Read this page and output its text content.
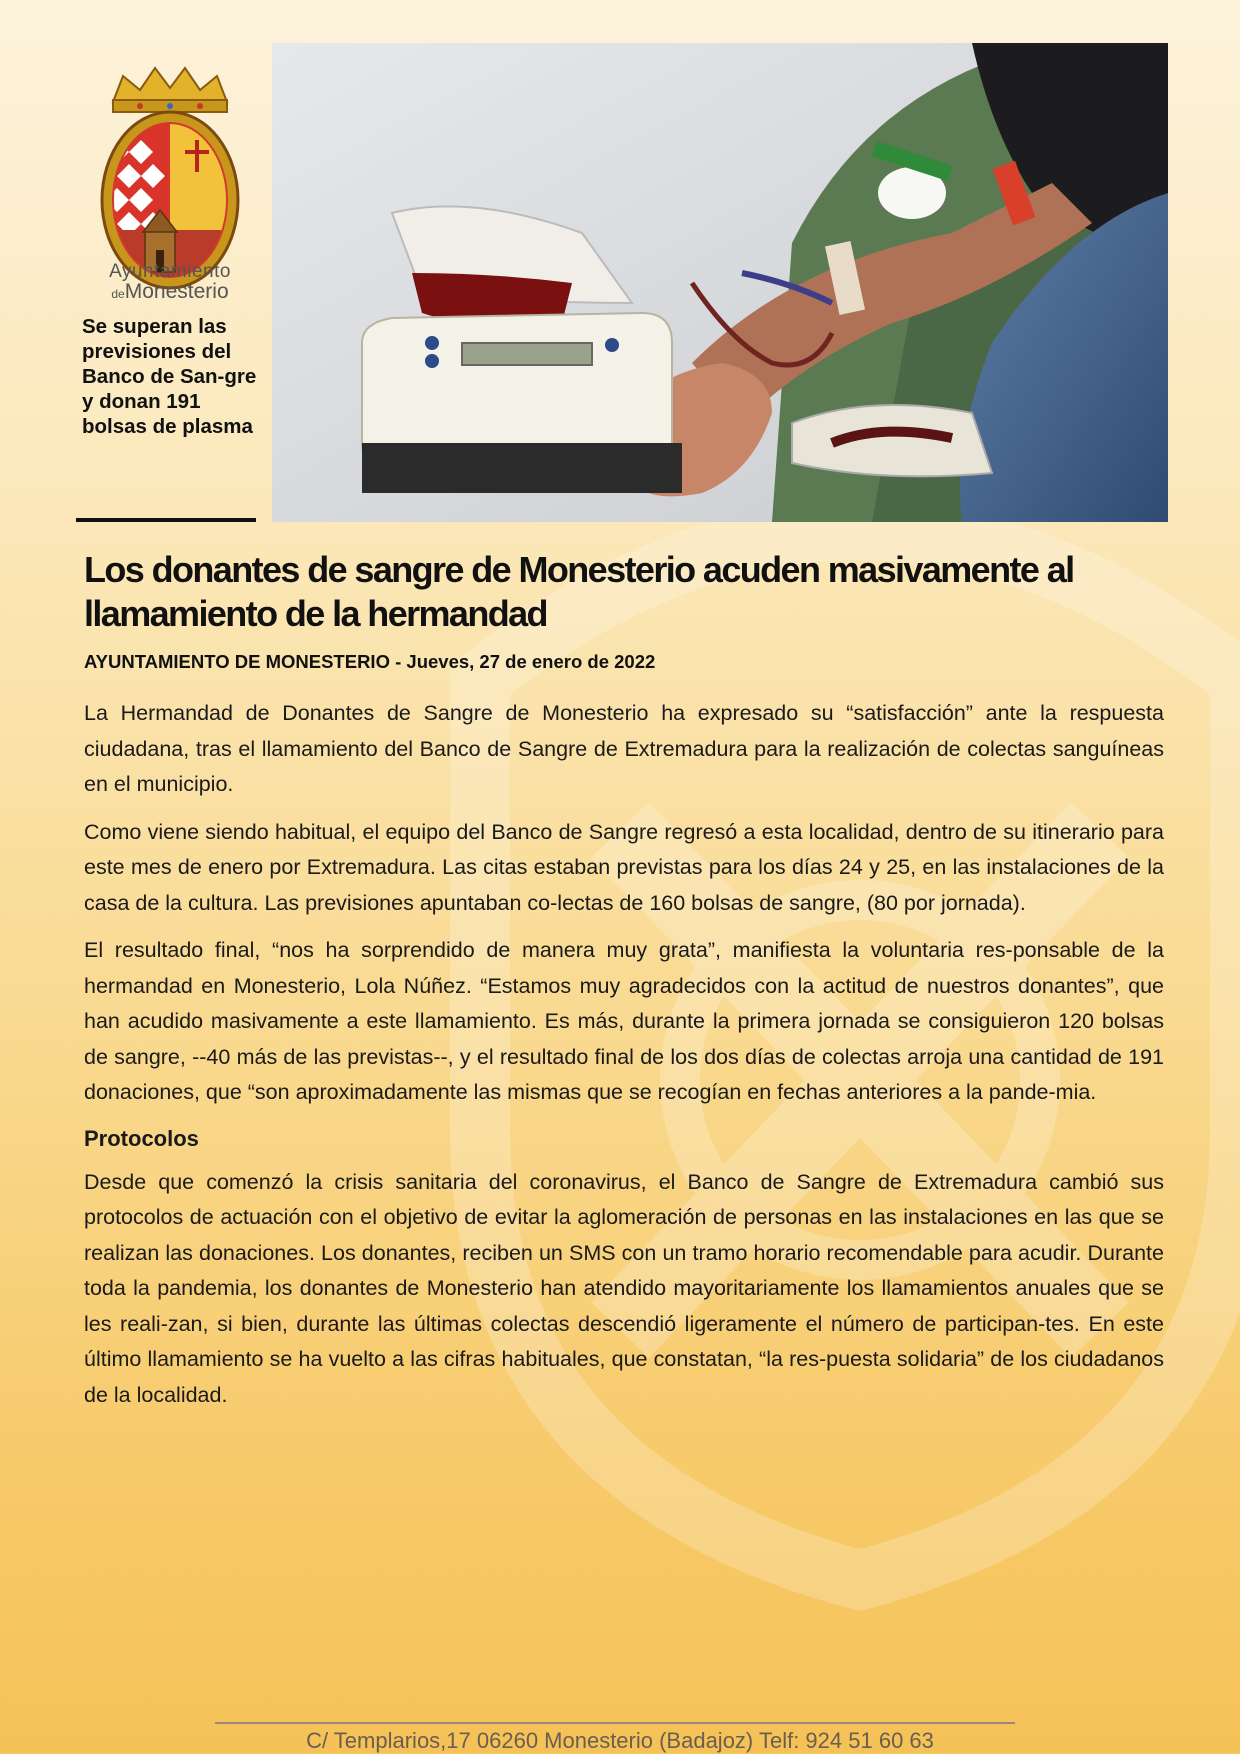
Ayuntamiento
deMonesterio

Se superan las previsiones del Banco de San-gre y donan 191 bolsas de plasma

Los donantes de sangre de Monesterio acuden masivamente al llamamiento de la hermandad

AYUNTAMIENTO DE MONESTERIO - Jueves, 27 de enero de 2022

La Hermandad de Donantes de Sangre de Monesterio ha expresado su “satisfacción” ante la respuesta ciudadana, tras el llamamiento del Banco de Sangre de Extremadura para la realización de colectas sanguíneas en el municipio.

Como viene siendo habitual, el equipo del Banco de Sangre regresó a esta localidad, dentro de su itinerario para este mes de enero por Extremadura. Las citas estaban previstas para los días 24 y 25, en las instalaciones de la casa de la cultura. Las previsiones apuntaban co-lectas de 160 bolsas de sangre, (80 por jornada).

El resultado final, “nos ha sorprendido de manera muy grata”, manifiesta la voluntaria res-ponsable de la hermandad en Monesterio, Lola Núñez. “Estamos muy agradecidos con la actitud de nuestros donantes”, que han acudido masivamente a este llamamiento. Es más, durante la primera jornada se consiguieron 120 bolsas de sangre, --40 más de las previstas--, y el resultado final de los dos días de colectas arroja una cantidad de 191 donaciones, que “son aproximadamente las mismas que se recogían en fechas anteriores a la pande-mia.

Protocolos

Desde que comenzó la crisis sanitaria del coronavirus, el Banco de Sangre de Extremadura cambió sus protocolos de actuación con el objetivo de evitar la aglomeración de personas en las instalaciones en las que se realizan las donaciones. Los donantes, reciben un SMS con un tramo horario recomendable para acudir. Durante toda la pandemia, los donantes de Monesterio han atendido mayoritariamente los llamamientos anuales que se les reali-zan, si bien, durante las últimas colectas descendió ligeramente el número de participan-tes. En este último llamamiento se ha vuelto a las cifras habituales, que constatan, “la res-puesta solidaria” de los ciudadanos de la localidad.

C/ Templarios,17 06260 Monesterio (Badajoz) Telf: 924 51 60 63
